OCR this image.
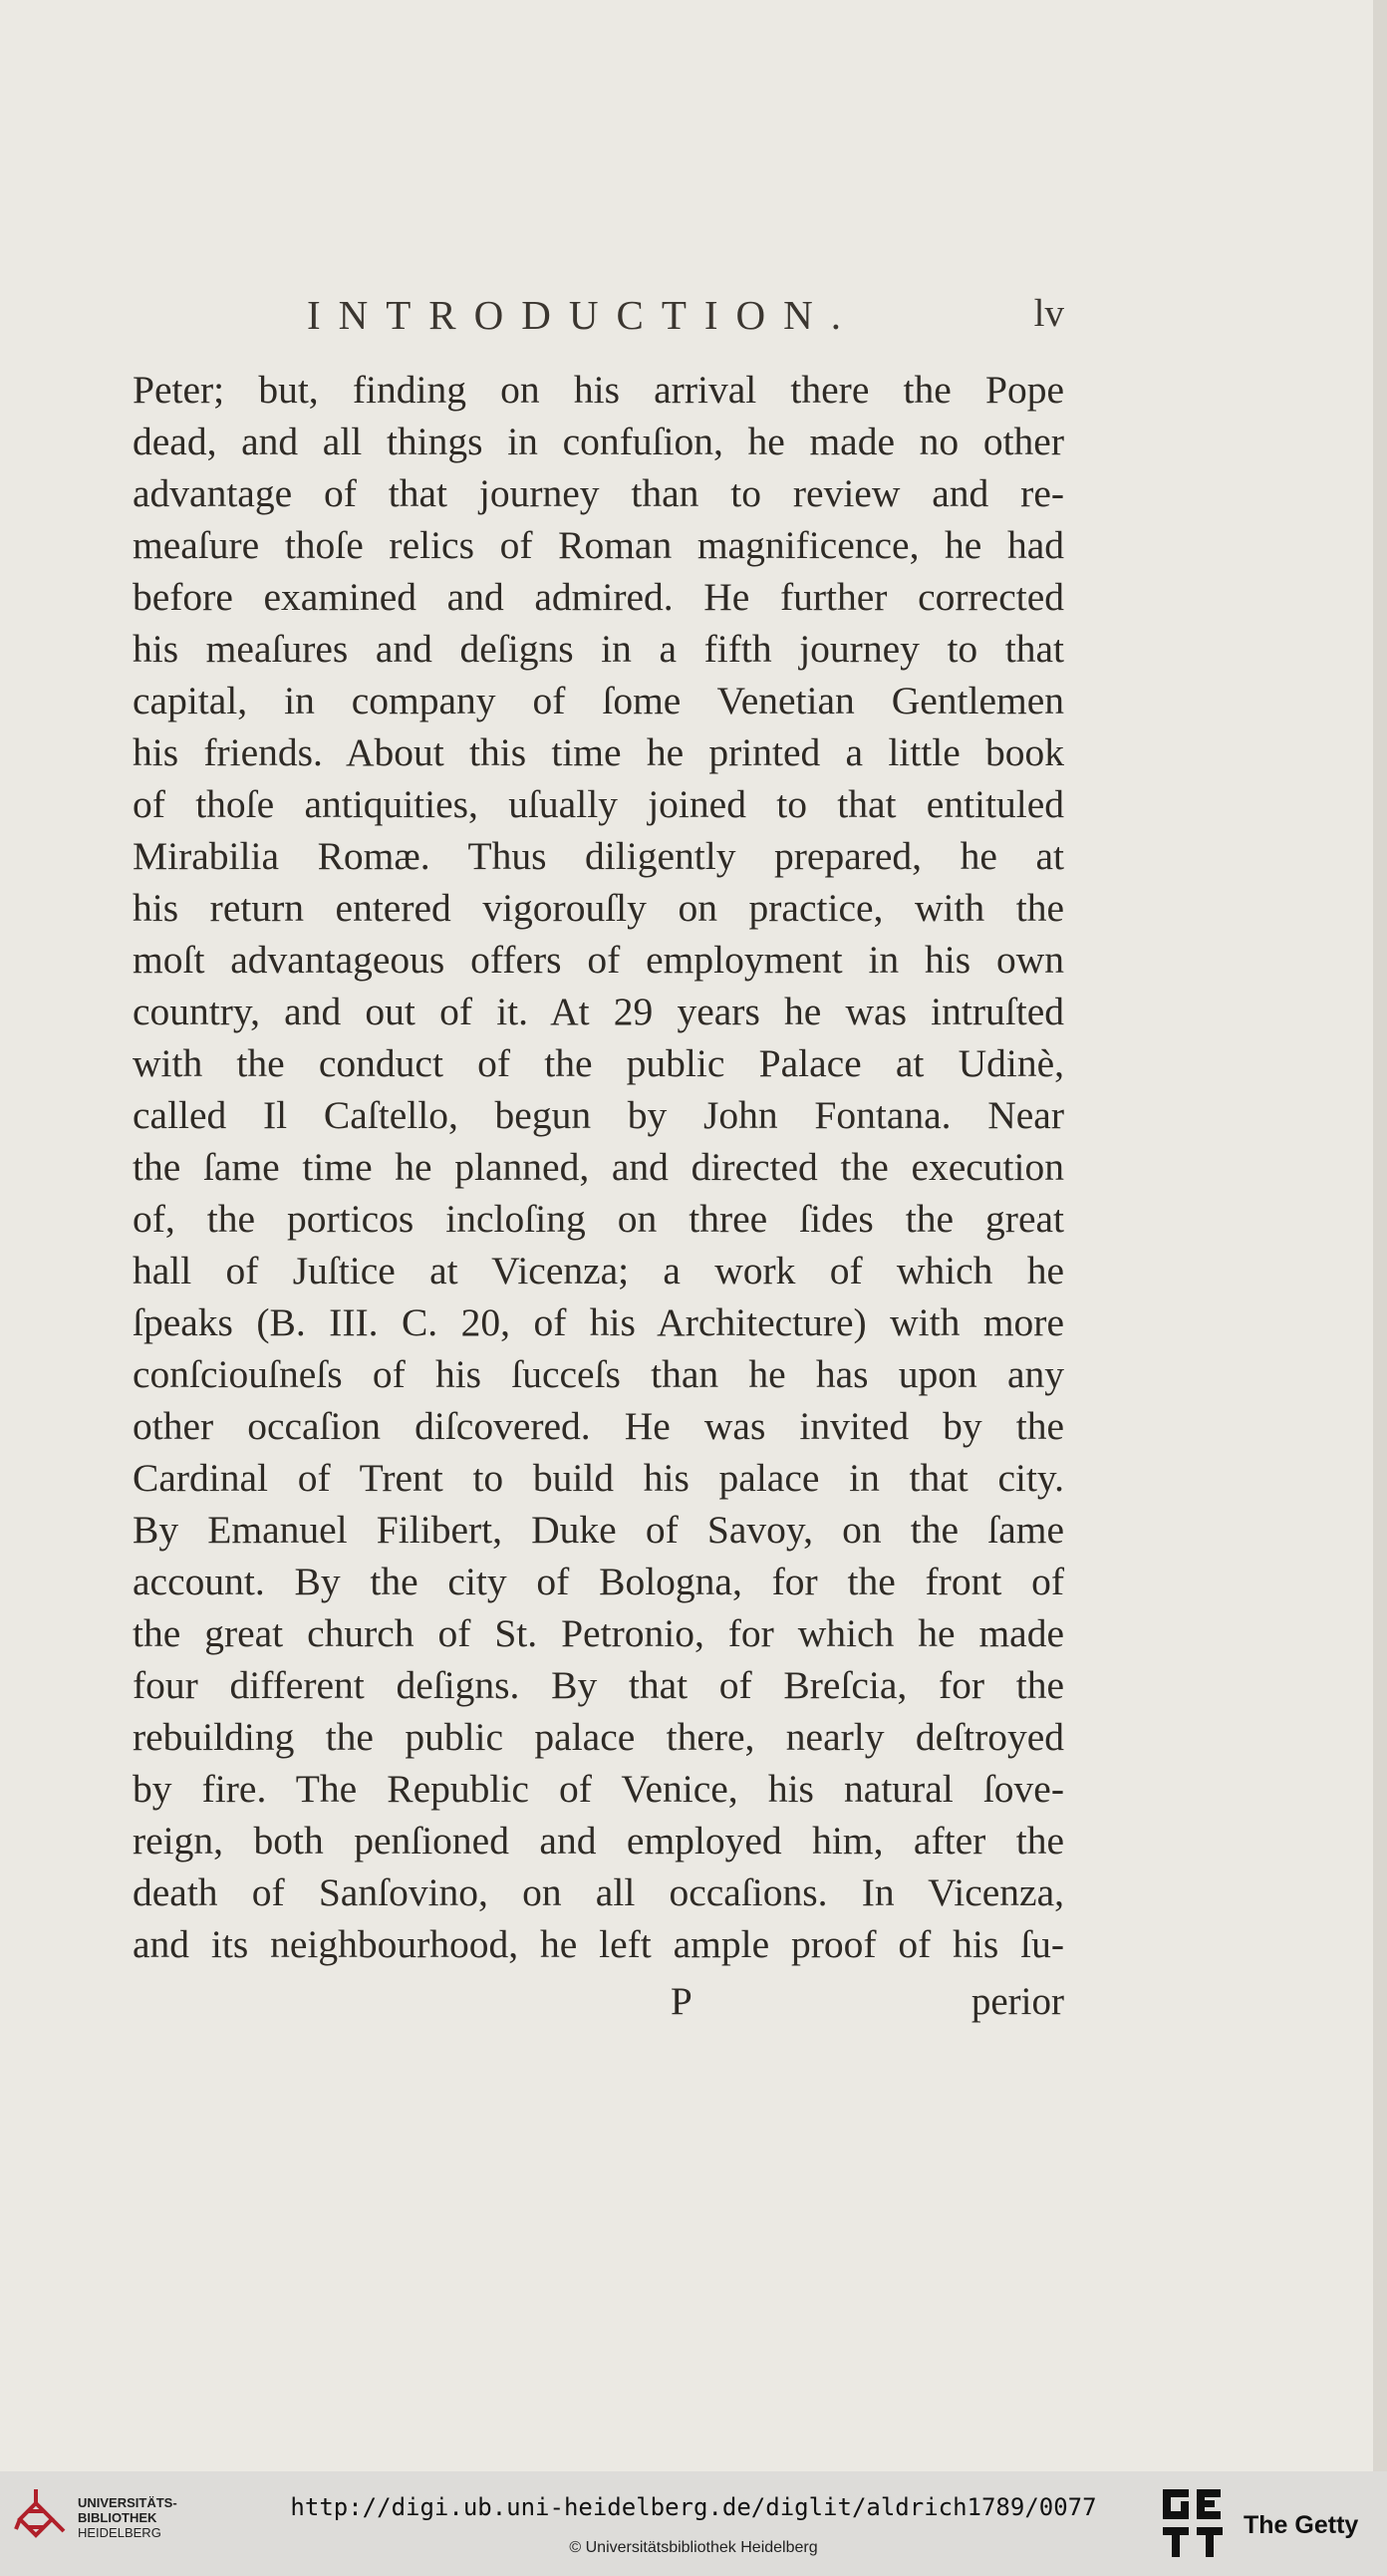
INTRODUCTION.	lv
Peter; but, finding on his arrival there the Pope
dead, and all things in confuſion, he made no other
advantage of that journey than to review and re-
meaſure thoſe relics of Roman magnificence, he had
before examined and admired. He further corrected
his meaſures and deſigns in a fifth journey to that
capital, in company of ſome Venetian Gentlemen
his friends. About this time he printed a little book
of thoſe antiquities, uſually joined to that entituled
Mirabilia Romæ. Thus diligently prepared, he at
his return entered vigorouſly on practice, with the
moſt advantageous offers of employment in his own
country, and out of it. At 29 years he was intruſted
with the conduct of the public Palace at Udinè,
called Il Caſtello, begun by John Fontana. Near
the ſame time he planned, and directed the execution
of, the porticos incloſing on three ſides the great
hall of Juſtice at Vicenza; a work of which he
ſpeaks (B. III. C. 20, of his Architecture) with more
conſciouſneſs of his ſucceſs than he has upon any
other occaſion diſcovered. He was invited by the
Cardinal of Trent to build his palace in that city.
By Emanuel Filibert, Duke of Savoy, on the ſame
account. By the city of Bologna, for the front of
the great church of St. Petronio, for which he made
four different deſigns. By that of Breſcia, for the
rebuilding the public palace there, nearly deſtroyed
by fire. The Republic of Venice, his natural ſove-
reign, both penſioned and employed him, after the
death of Sanſovino, on all occaſions. In Vicenza,
and its neighbourhood, he left ample proof of his ſu-
P	perior
UNIVERSITÄTS-
BIBLIOTHEK
HEIDELBERG
http://digi.ub.uni-heidelberg.de/diglit/aldrich1789/0077
© Universitätsbibliothek Heidelberg
The Getty
